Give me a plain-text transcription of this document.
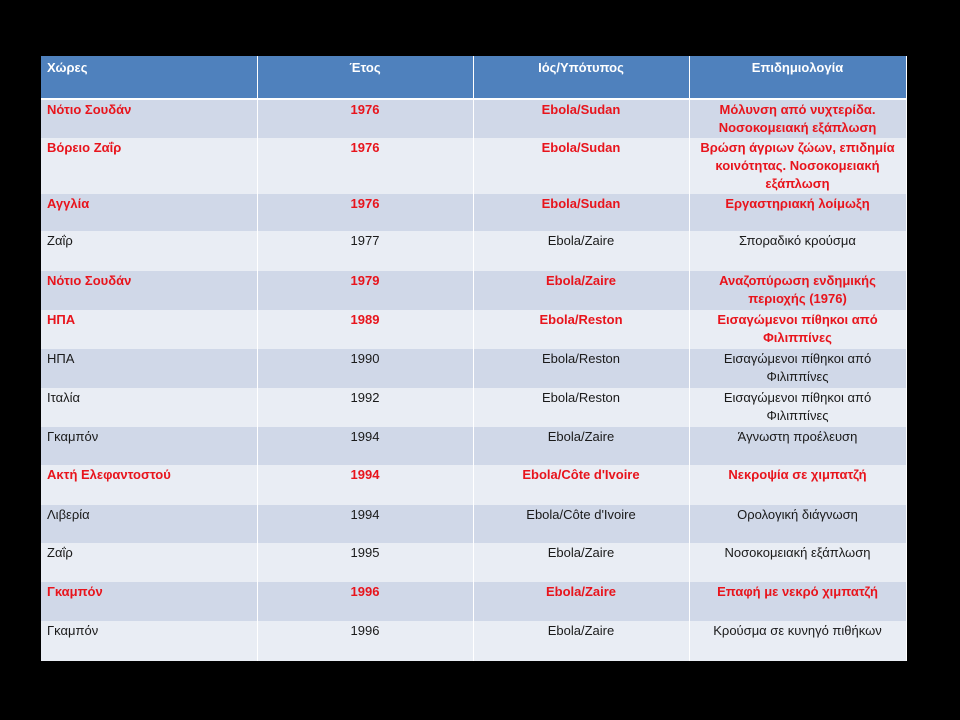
Χώρες	Έτος	Ιός/Υπότυπος	Επιδημιολογία
Νότιο Σουδάν	1976	Ebola/Sudan	Μόλυνση από νυχτερίδα. Νοσοκομειακή εξάπλωση
Βόρειο Ζαΐρ	1976	Ebola/Sudan	Βρώση άγριων ζώων, επιδημία κοινότητας. Νοσοκομειακή εξάπλωση
Αγγλία	1976	Ebola/Sudan	Εργαστηριακή λοίμωξη
Ζαΐρ	1977	Ebola/Zaire	Σποραδικό κρούσμα
Νότιο Σουδάν	1979	Ebola/Zaire	Αναζοπύρωση ενδημικής περιοχής (1976)
ΗΠΑ	1989	Ebola/Reston	Εισαγώμενοι πίθηκοι από Φιλιππίνες
ΗΠΑ	1990	Ebola/Reston	Εισαγώμενοι πίθηκοι από Φιλιππίνες
Ιταλία	1992	Ebola/Reston	Εισαγώμενοι πίθηκοι από Φιλιππίνες
Γκαμπόν	1994	Ebola/Zaire	Άγνωστη προέλευση
Ακτή Ελεφαντοστού	1994	Ebola/Côte d'Ivoire	Νεκροψία σε χιμπατζή
Λιβερία	1994	Ebola/Côte d'Ivoire	Ορολογική διάγνωση
Ζαΐρ	1995	Ebola/Zaire	Νοσοκομειακή εξάπλωση
Γκαμπόν	1996	Ebola/Zaire	Επαφή με νεκρό χιμπατζή
Γκαμπόν	1996	Ebola/Zaire	Κρούσμα σε κυνηγό πιθήκων
